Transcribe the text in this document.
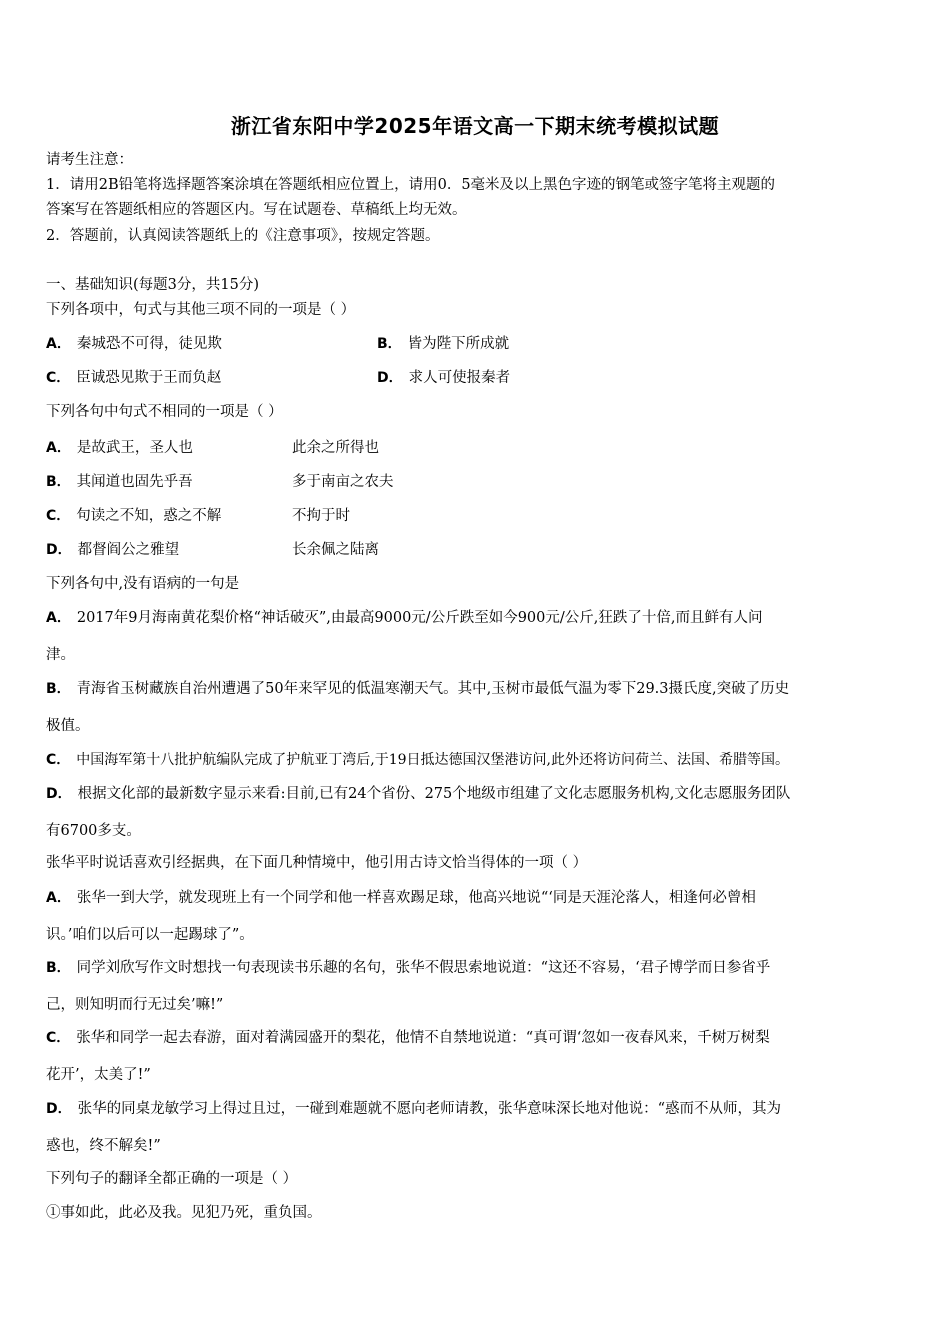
浙江省东阳中学2025年语文高一下期末统考模拟试题
请考生注意：
1．请用2B铅笔将选择题答案涂填在答题纸相应位置上，请用0．5毫米及以上黑色字迹的钢笔或签字笔将主观题的
答案写在答题纸相应的答题区内。写在试题卷、草稿纸上均无效。
2．答题前，认真阅读答题纸上的《注意事项》，按规定答题。
一、基础知识(每题3分，共15分)
下列各项中，句式与其他三项不同的一项是（ ）
A． 秦城恐不可得，徒见欺	B． 皆为陛下所成就
C． 臣诚恐见欺于王而负赵	D． 求人可使报秦者
下列各句中句式不相同的一项是（ ）
A． 是故武王，圣人也	此余之所得也
B． 其闻道也固先乎吾	多于南亩之农夫
C． 句读之不知，惑之不解	不拘于时
D． 都督阎公之雅望	长余佩之陆离
下列各句中,没有语病的一句是
A． 2017年9月海南黄花梨价格“神话破灭”,由最高9000元/公斤跌至如今900元/公斤,狂跌了十倍,而且鲜有人问
津。
B． 青海省玉树藏族自治州遭遇了50年来罕见的低温寒潮天气。其中,玉树市最低气温为零下29.3摄氏度,突破了历史
极值。
C． 中国海军第十八批护航编队完成了护航亚丁湾后,于19日抵达德国汉堡港访问,此外还将访问荷兰、法国、希腊等国。
D． 根据文化部的最新数字显示来看:目前,已有24个省份、275个地级市组建了文化志愿服务机构,文化志愿服务团队
有6700多支。
张华平时说话喜欢引经据典，在下面几种情境中，他引用古诗文恰当得体的一项（ ）
A． 张华一到大学，就发现班上有一个同学和他一样喜欢踢足球，他高兴地说“‘同是天涯沦落人，相逢何必曾相
识。’咱们以后可以一起踢球了”。
B． 同学刘欣写作文时想找一句表现读书乐趣的名句，张华不假思索地说道：“这还不容易，‘君子博学而日参省乎
己，则知明而行无过矣’嘛!”
C． 张华和同学一起去春游，面对着满园盛开的梨花，他情不自禁地说道：“真可谓‘忽如一夜春风来，千树万树梨
花开’，太美了!”
D． 张华的同桌龙敏学习上得过且过，一碰到难题就不愿向老师请教，张华意味深长地对他说：“惑而不从师，其为
惑也，终不解矣!”
下列句子的翻译全都正确的一项是（ ）
①事如此，此必及我。见犯乃死，重负国。
